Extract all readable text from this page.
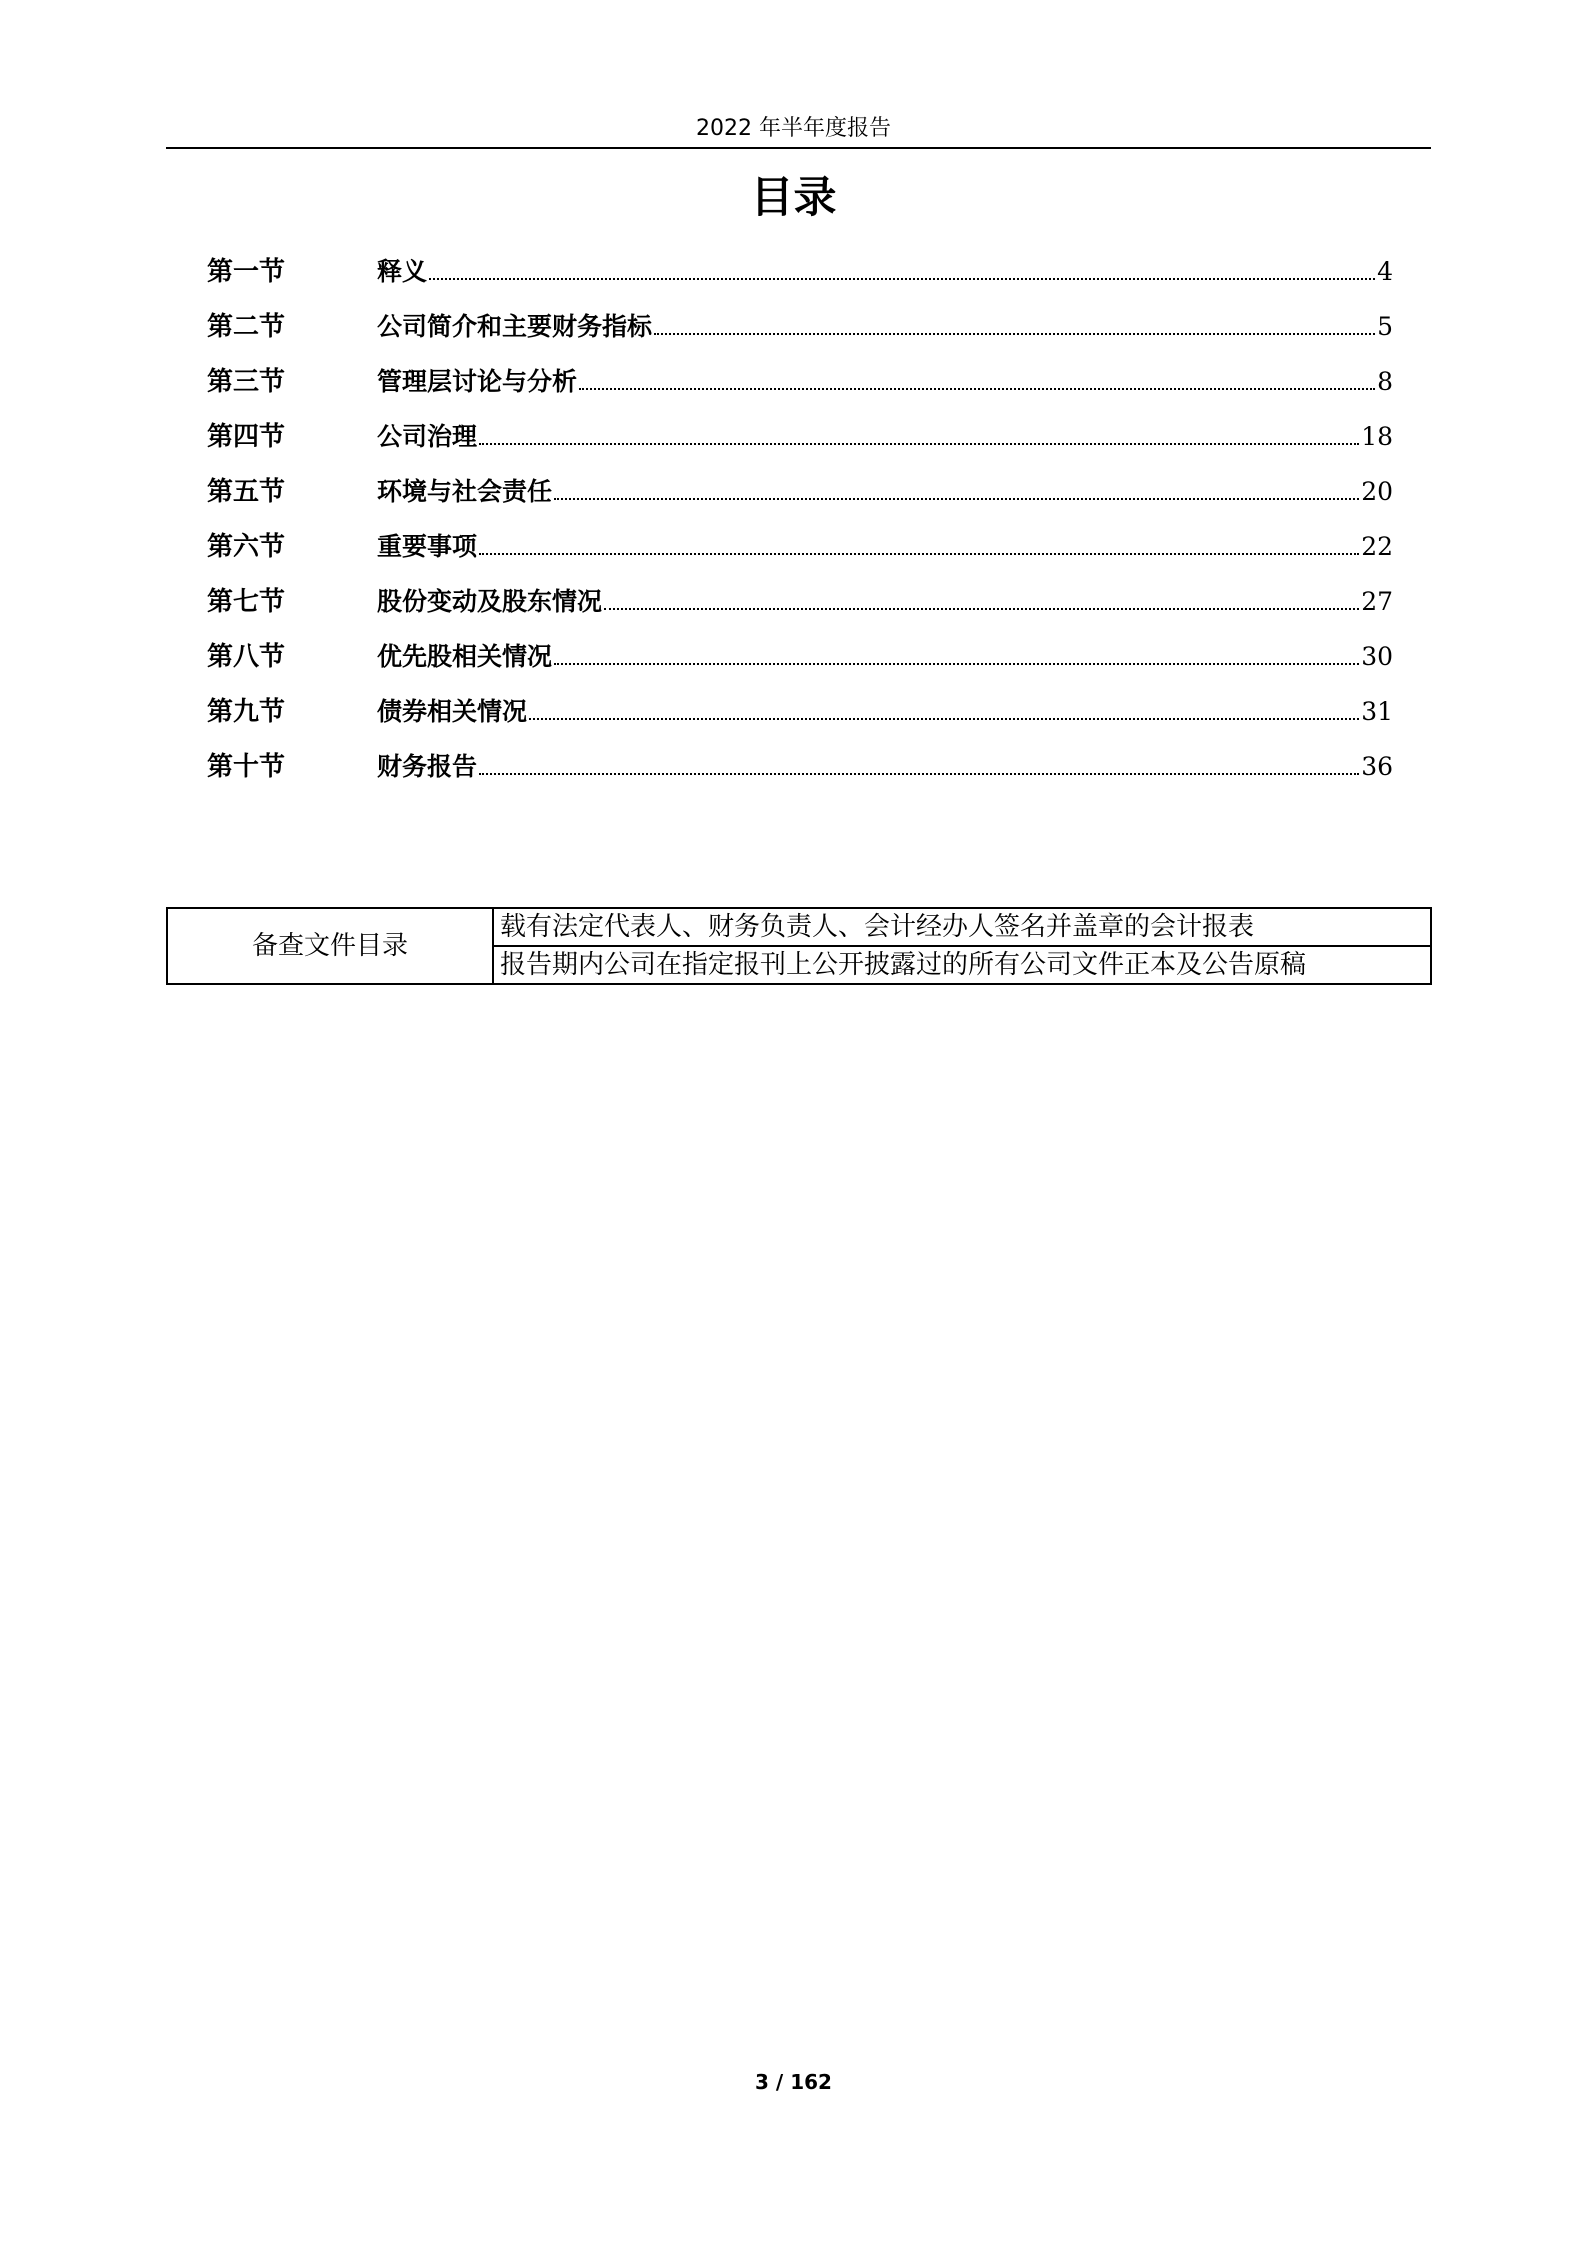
2022 年半年度报告
目录
第一节	释义	4
第二节	公司简介和主要财务指标	5
第三节	管理层讨论与分析	8
第四节	公司治理	18
第五节	环境与社会责任	20
第六节	重要事项	22
第七节	股份变动及股东情况	27
第八节	优先股相关情况	30
第九节	债券相关情况	31
第十节	财务报告	36
备查文件目录	载有法定代表人、财务负责人、会计经办人签名并盖章的会计报表
报告期内公司在指定报刊上公开披露过的所有公司文件正本及公告原稿
3 / 162
